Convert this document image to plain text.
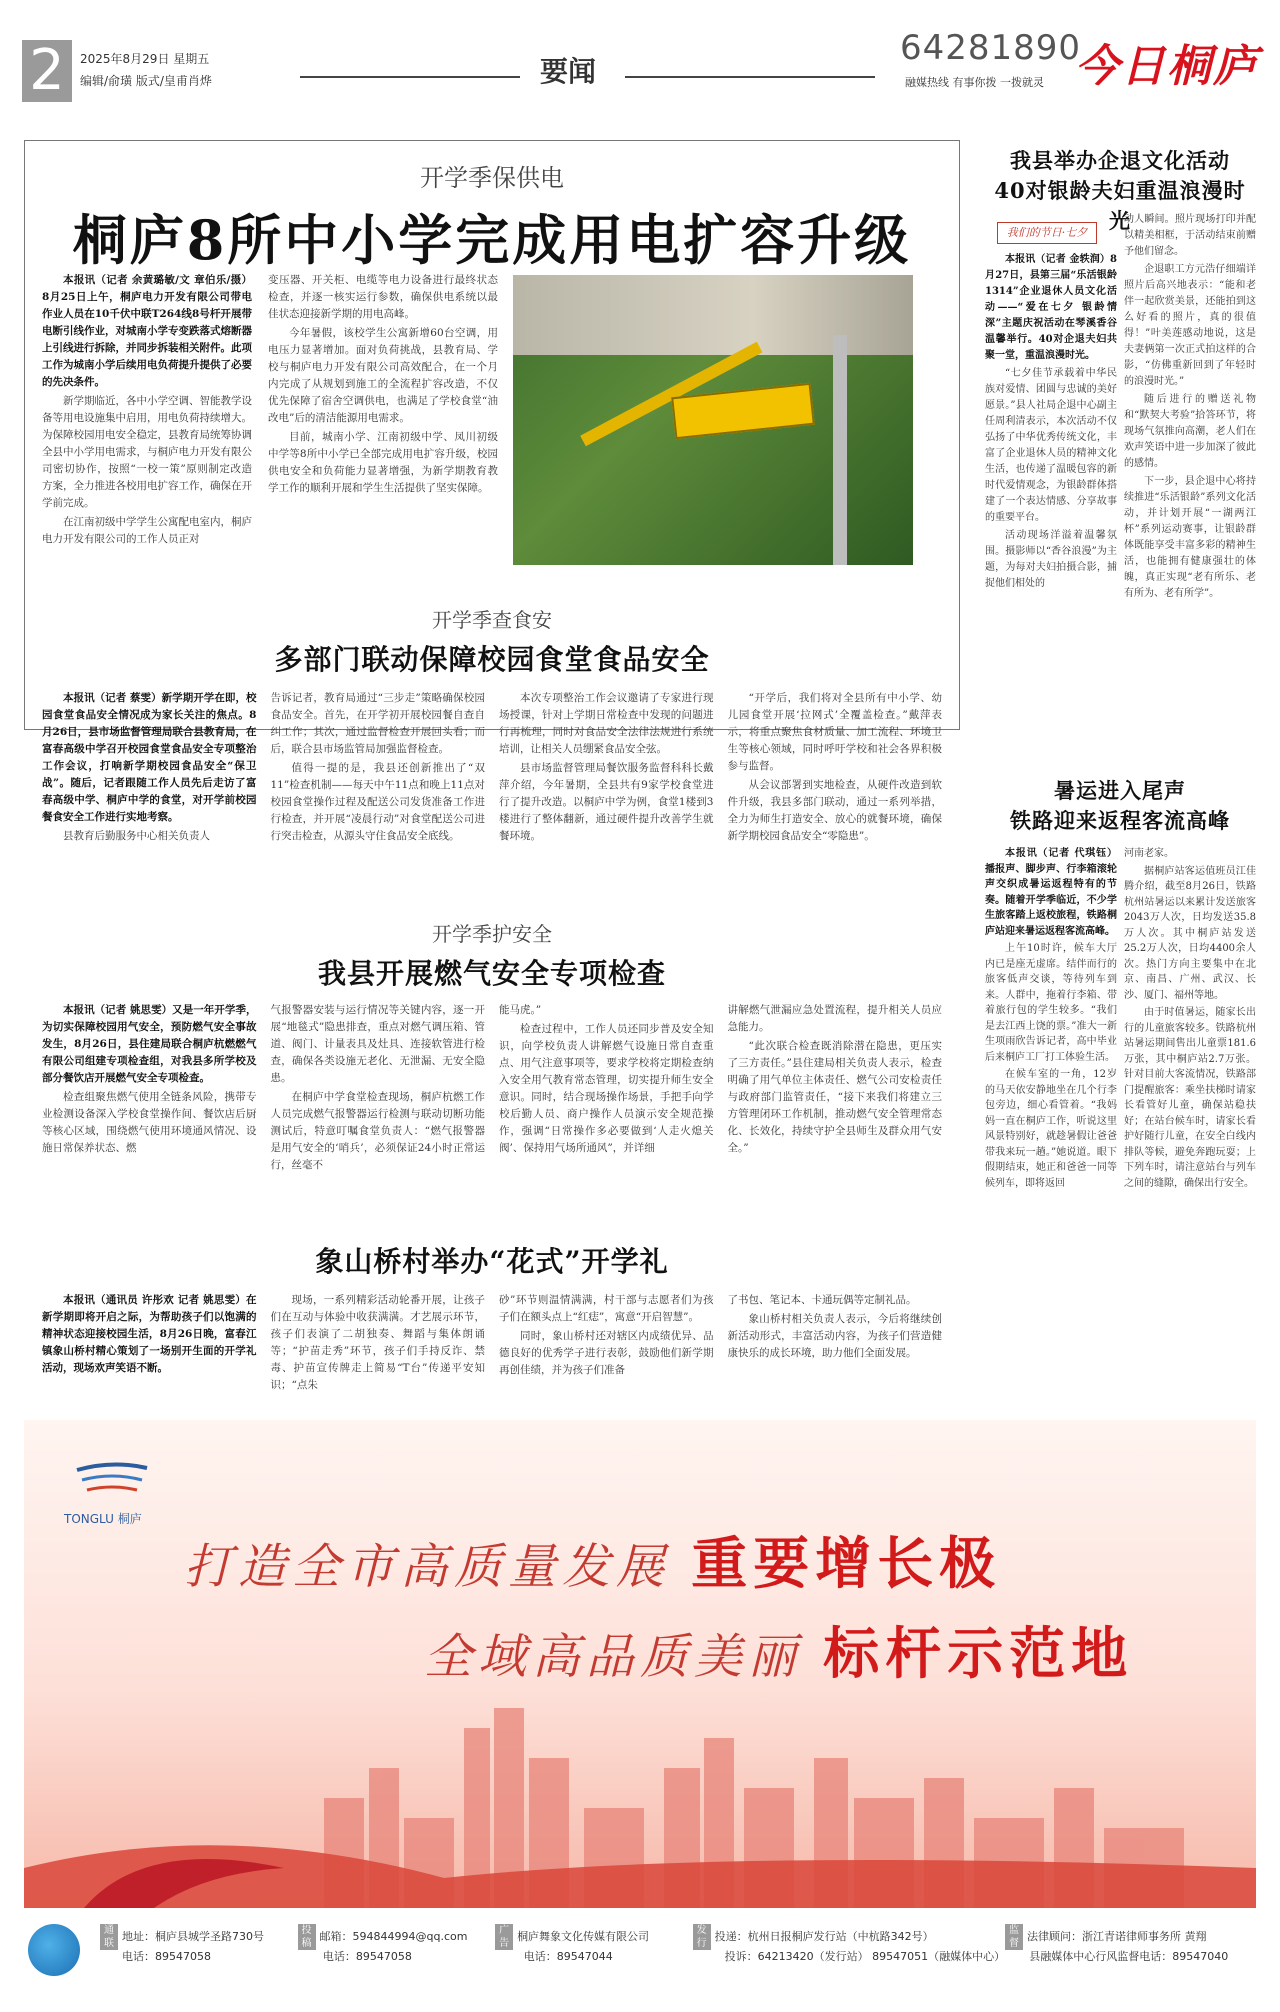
2	2025年8月29日 星期五
编辑/俞璜 版式/皇甫肖烨	要闻
64281890
融媒热线 有事你拨 一拨就灵 今日桐庐
开学季保供电
桐庐8所中小学完成用电扩容升级

本报讯（记者 余黄璐敏/文 章伯乐/摄）8月25日上午，桐庐电力开发有限公司带电作业人员在10千伏中联T264线8号杆开展带电断引线作业，对城南小学专变跌落式熔断器上引线进行拆除，并同步拆装相关附件。此项工作为城南小学后续用电负荷提升提供了必要的先决条件。

新学期临近，各中小学空调、智能教学设备等用电设施集中启用，用电负荷持续增大。为保障校园用电安全稳定，县教育局统筹协调全县中小学用电需求，与桐庐电力开发有限公司密切协作，按照“一校一策”原则制定改造方案，全力推进各校用电扩容工作，确保在开学前完成。

在江南初级中学学生公寓配电室内，桐庐电力开发有限公司的工作人员正对

变压器、开关柜、电缆等电力设备进行最终状态检查，并逐一核实运行参数，确保供电系统以最佳状态迎接新学期的用电高峰。

今年暑假，该校学生公寓新增60台空调，用电压力显著增加。面对负荷挑战，县教育局、学校与桐庐电力开发有限公司高效配合，在一个月内完成了从规划到施工的全流程扩容改造，不仅优先保障了宿舍空调供电，也满足了学校食堂“油改电”后的清洁能源用电需求。

目前，城南小学、江南初级中学、凤川初级中学等8所中小学已全部完成用电扩容升级，校园供电安全和负荷能力显著增强，为新学期教育教学工作的顺利开展和学生生活提供了坚实保障。

开学季查食安
多部门联动保障校园食堂食品安全

本报讯（记者 蔡雯）新学期开学在即，校园食堂食品安全情况成为家长关注的焦点。8月26日，县市场监督管理局联合县教育局，在富春高级中学召开校园食堂食品安全专项整治工作会议，打响新学期校园食品安全“保卫战”。随后，记者跟随工作人员先后走访了富春高级中学、桐庐中学的食堂，对开学前校园餐食安全工作进行实地考察。

县教育后勤服务中心相关负责人

告诉记者，教育局通过“三步走”策略确保校园食品安全。首先，在开学初开展校园餐自查自纠工作；其次，通过监督检查开展回头看；而后，联合县市场监管局加强监督检查。

值得一提的是，我县还创新推出了“双11”检查机制——每天中午11点和晚上11点对校园食堂操作过程及配送公司发货准备工作进行检查，并开展“凌晨行动”对食堂配送公司进行突击检查，从源头守住食品安全底线。

本次专项整治工作会议邀请了专家进行现场授课，针对上学期日常检查中发现的问题进行再梳理，同时对食品安全法律法规进行系统培训，让相关人员绷紧食品安全弦。

县市场监督管理局餐饮服务监督科科长戴萍介绍，今年暑期，全县共有9家学校食堂进行了提升改造。以桐庐中学为例，食堂1楼到3楼进行了整体翻新，通过硬件提升改善学生就餐环境。

“开学后，我们将对全县所有中小学、幼儿园食堂开展‘拉网式’全覆盖检查。”戴萍表示，将重点聚焦食材质量、加工流程、环境卫生等核心领域，同时呼吁学校和社会各界积极参与监督。

从会议部署到实地检查，从硬件改造到软件升级，我县多部门联动，通过一系列举措，全力为师生打造安全、放心的就餐环境，确保新学期校园食品安全“零隐患”。

开学季护安全
我县开展燃气安全专项检查

本报讯（记者 姚思雯）又是一年开学季，为切实保障校园用气安全，预防燃气安全事故发生，8月26日，县住建局联合桐庐杭燃燃气有限公司组建专项检查组，对我县多所学校及部分餐饮店开展燃气安全专项检查。

检查组聚焦燃气使用全链条风险，携带专业检测设备深入学校食堂操作间、餐饮店后厨等核心区域，围绕燃气使用环境通风情况、设施日常保养状态、燃

气报警器安装与运行情况等关键内容，逐一开展“地毯式”隐患排查，重点对燃气调压箱、管道、阀门、计量表具及灶具、连接软管进行检查，确保各类设施无老化、无泄漏、无安全隐患。

在桐庐中学食堂检查现场，桐庐杭燃工作人员完成燃气报警器运行检测与联动切断功能测试后，特意叮嘱食堂负责人：“燃气报警器是用气安全的‘哨兵’，必须保证24小时正常运行，丝毫不

能马虎。”

检查过程中，工作人员还同步普及安全知识，向学校负责人讲解燃气设施日常自查重点、用气注意事项等，要求学校将定期检查纳入安全用气教育常态管理，切实提升师生安全意识。同时，结合现场操作场景，手把手向学校后勤人员、商户操作人员演示安全规范操作，强调“日常操作多必要做到‘人走火熄关阀’、保持用气场所通风”，并详细

讲解燃气泄漏应急处置流程，提升相关人员应急能力。

“此次联合检查既消除潜在隐患，更压实了三方责任。”县住建局相关负责人表示，检查明确了用气单位主体责任、燃气公司安检责任与政府部门监管责任，“接下来我们将建立三方管理闭环工作机制，推动燃气安全管理常态化、长效化，持续守护全县师生及群众用气安全。”

象山桥村举办“花式”开学礼

本报讯（通讯员 许彤欢 记者 姚思雯）在新学期即将开启之际，为帮助孩子们以饱满的精神状态迎接校园生活，8月26日晚，富春江镇象山桥村精心策划了一场别开生面的开学礼活动，现场欢声笑语不断。

现场，一系列精彩活动轮番开展，让孩子们在互动与体验中收获满满。才艺展示环节，孩子们表演了二胡独奏、舞蹈与集体朗诵等；“护苗走秀”环节，孩子们手持反诈、禁毒、护苗宣传牌走上简易“T台”传递平安知识；“点朱

砂”环节则温情满满，村干部与志愿者们为孩子们在额头点上“红痣”，寓意“开启智慧”。

同时，象山桥村还对辖区内成绩优异、品德良好的优秀学子进行表彰，鼓励他们新学期再创佳绩，并为孩子们准备

了书包、笔记本、卡通玩偶等定制礼品。

象山桥村相关负责人表示，今后将继续创新活动形式，丰富活动内容，为孩子们营造健康快乐的成长环境，助力他们全面发展。

我县举办企退文化活动
40对银龄夫妇重温浪漫时光
我们的节日·七夕

本报讯（记者 金轶润）8月27日，县第三届“乐活银龄1314”企业退休人员文化活动——“爱在七夕 银龄情深”主题庆祝活动在琴溪香谷温馨举行。40对企退夫妇共聚一堂，重温浪漫时光。

“七夕佳节承载着中华民族对爱情、团圆与忠诚的美好愿景。”县人社局企退中心副主任周利清表示，本次活动不仅弘扬了中华优秀传统文化，丰富了企业退休人员的精神文化生活，也传递了温暖包容的新时代爱情观念，为银龄群体搭建了一个表达情感、分享故事的重要平台。

活动现场洋溢着温馨氛围。摄影师以“香谷浪漫”为主题，为每对夫妇拍摄合影，捕捉他们相处的

动人瞬间。照片现场打印并配以精美相框，于活动结束前赠予他们留念。

企退职工方元浩仔细端详照片后高兴地表示：“能和老伴一起欣赏美景，还能拍到这么好看的照片，真的很值得！”叶美莲感动地说，这是夫妻俩第一次正式拍这样的合影，“仿佛重新回到了年轻时的浪漫时光。”

随后进行的赠送礼物和“默契大考验”拾答环节，将现场气氛推向高潮，老人们在欢声笑语中进一步加深了彼此的感情。

下一步，县企退中心将持续推进“乐活银龄”系列文化活动，并计划开展“一湖两江杯”系列运动赛事，让银龄群体既能享受丰富多彩的精神生活，也能拥有健康强壮的体魄，真正实现“老有所乐、老有所为、老有所学”。

暑运进入尾声
铁路迎来返程客流高峰

本报讯（记者 代琪钰）播报声、脚步声、行李箱滚轮声交织成暑运返程特有的节奏。随着开学季临近，不少学生旅客踏上返校旅程，铁路桐庐站迎来暑运返程客流高峰。

上午10时许，候车大厅内已是座无虚席。结伴而行的旅客低声交谈，等待列车到来。人群中，拖着行李箱、带着旅行包的学生较多。“我们是去江西上饶的票。”准大一新生项雨欣告诉记者，高中毕业后来桐庐工厂打工体验生活。

在候车室的一角，12岁的马天依安静地坐在几个行李包旁边，细心看管着。“我妈妈一直在桐庐工作，听说这里风景特别好，就趁暑假让爸爸带我来玩一趟。”她说道。眼下假期结束，她正和爸爸一同等候列车，即将返回

河南老家。

据桐庐站客运值班员江佳腾介绍，截至8月26日，铁路杭州站暑运以来累计发送旅客2043万人次，日均发送35.8万人次。其中桐庐站发送25.2万人次，日均4400余人次。热门方向主要集中在北京、南昌、广州、武汉、长沙、厦门、福州等地。

由于时值暑运，随家长出行的儿童旅客较多。铁路杭州站暑运期间售出儿童票181.6万张，其中桐庐站2.7万张。针对目前大客流情况，铁路部门提醒旅客：乘坐扶梯时请家长看管好儿童，确保站稳扶好；在站台候车时，请家长看护好随行儿童，在安全白线内排队等候，避免奔跑玩耍；上下列车时，请注意站台与列车之间的缝隙，确保出行安全。

TONGLU 桐庐
打造全市高质量发展 重要增长极
全域高品质美丽 标杆示范地
通联地址：桐庐县城学圣路730号	投稿邮箱：594844994@qq.com	广告桐庐舞象文化传媒有限公司	发行投递：杭州日报桐庐发行站（中杭路342号）	监督法律顾问：浙江青诺律师事务所 黄翔
电话：89547058	电话：89547058	电话：89547044	投诉：64213420（发行站） 89547051（融媒体中心）	县融媒体中心行风监督电话：89547040
